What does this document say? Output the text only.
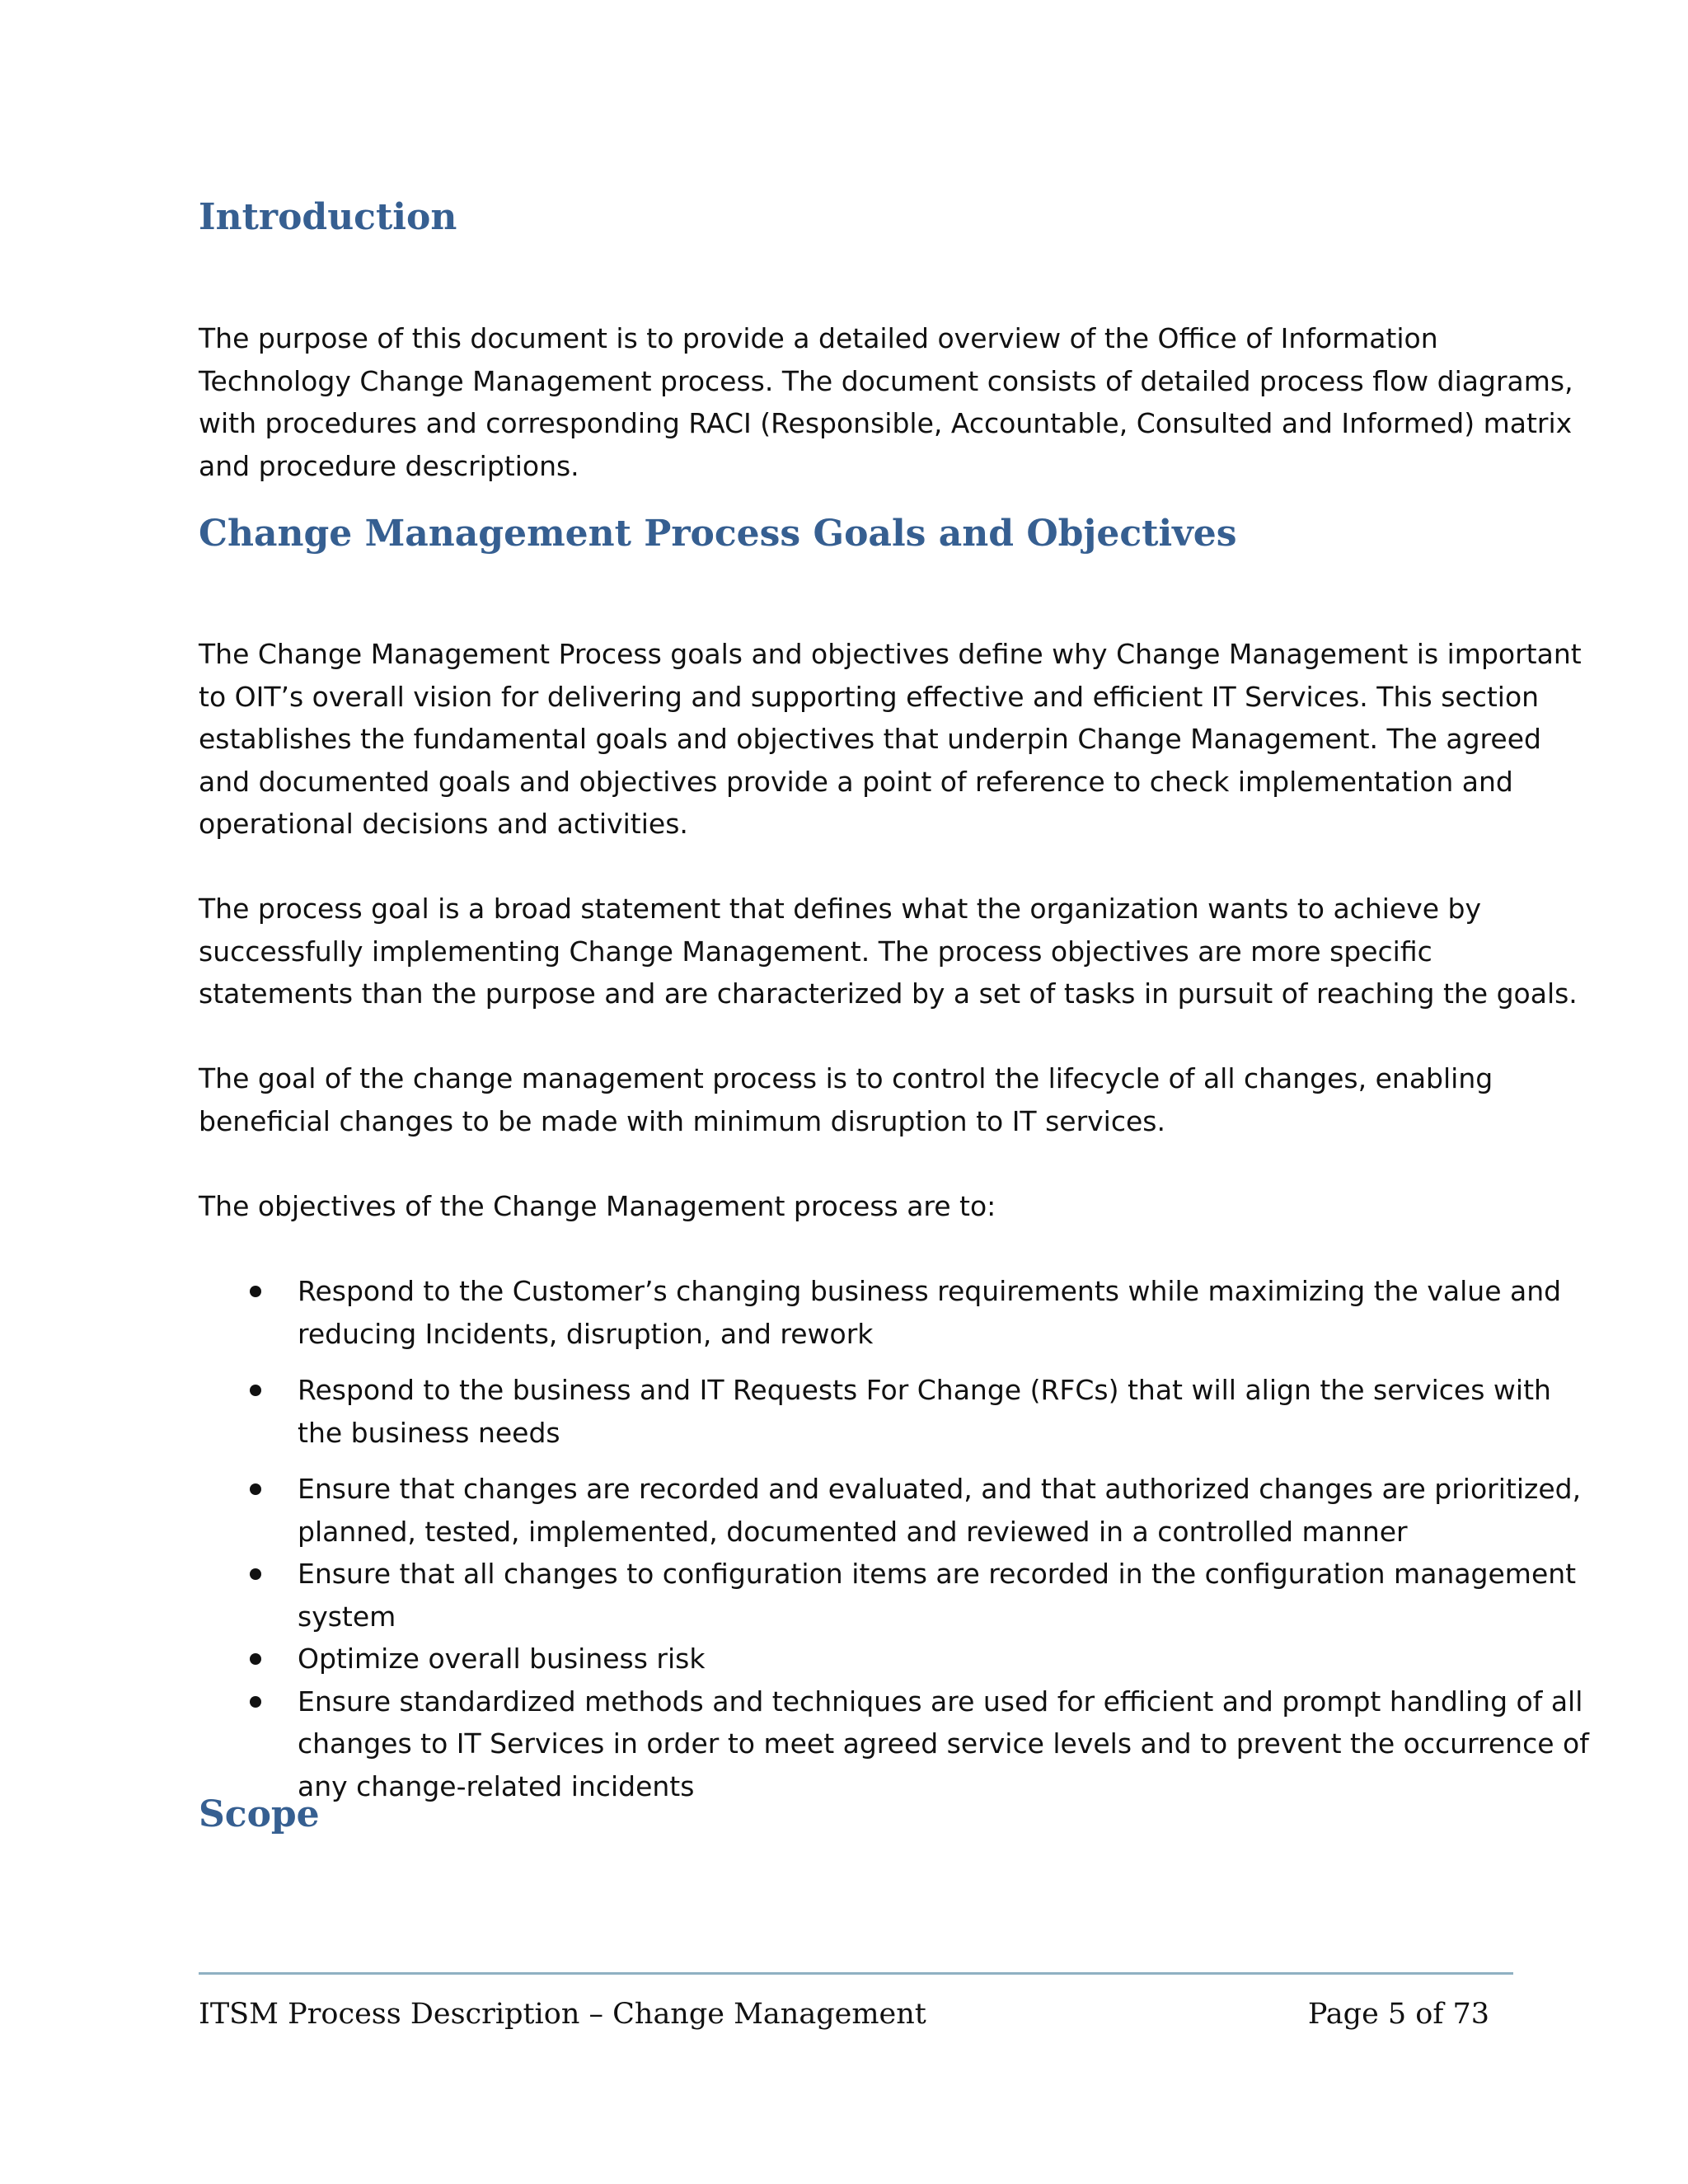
Introduction

The purpose of this document is to provide a detailed overview of the Office of Information Technology Change Management process. The document consists of detailed process flow diagrams, with procedures and corresponding RACI (Responsible, Accountable, Consulted and Informed) matrix and procedure descriptions.

Change Management Process Goals and Objectives

The Change Management Process goals and objectives define why Change Management is important to OIT’s overall vision for delivering and supporting effective and efficient IT Services. This section establishes the fundamental goals and objectives that underpin Change Management. The agreed and documented goals and objectives provide a point of reference to check implementation and operational decisions and activities.

The process goal is a broad statement that defines what the organization wants to achieve by successfully implementing Change Management. The process objectives are more specific statements than the purpose and are characterized by a set of tasks in pursuit of reaching the goals.

The goal of the change management process is to control the lifecycle of all changes, enabling beneficial changes to be made with minimum disruption to IT services.

The objectives of the Change Management process are to:

Respond to the Customer’s changing business requirements while maximizing the value and reducing Incidents, disruption, and rework
Respond to the business and IT Requests For Change (RFCs) that will align the services with the business needs
Ensure that changes are recorded and evaluated, and that authorized changes are prioritized, planned, tested, implemented, documented and reviewed in a controlled manner
Ensure that all changes to configuration items are recorded in the configuration management system
Optimize overall business risk
Ensure standardized methods and techniques are used for efficient and prompt handling of all changes to IT Services in order to meet agreed service levels and to prevent the occurrence of any change-related incidents
Scope
ITSM Process Description – Change Management	Page 5 of 73
